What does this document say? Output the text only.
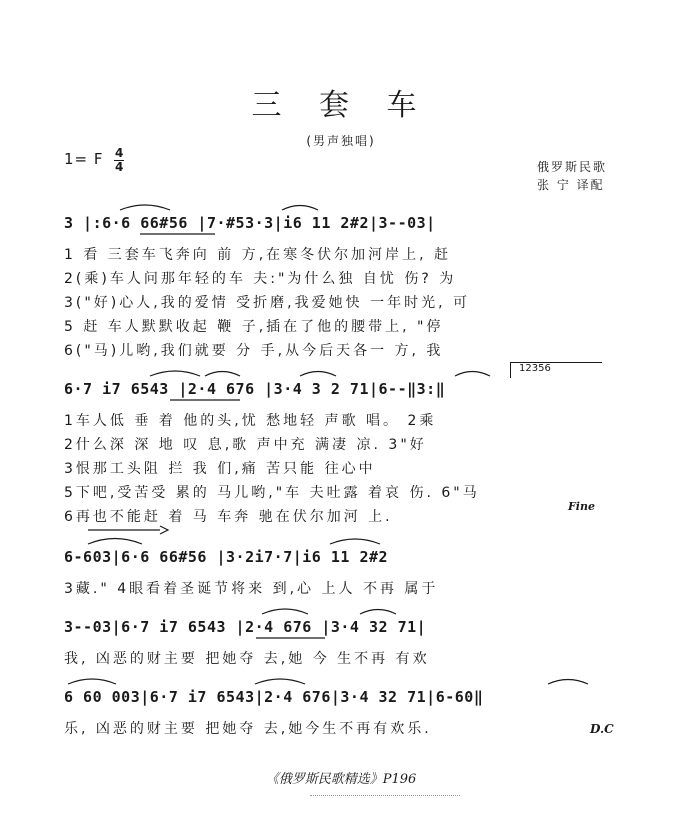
三 套 车
(男声独唱)
1= F 4
4	俄罗斯民歌
张 宁 译配
3 |:6·6 66#56 |7·#53·3|i6 11 2#2|3--03|
1 看 三套车飞奔向 前 方,在寒冬伏尔加河岸上, 赶
2(乘)车人问那年轻的车 夫:"为什么独 自忧 伤? 为
3("好)心人,我的爱情 受折磨,我爱她快 一年时光, 可
5 赶 车人默默收起 鞭 子,插在了他的腰带上, "停
6("马)儿哟,我们就要 分 手,从今后天各一 方, 我
12356
6·7 i7 6543 |2·4 676 |3·4 3 2 71|6--‖3:‖
1车人低 垂 着 他的头,忧 愁地轻 声歌 唱。 2乘
2什么深 深 地 叹 息,歌 声中充 满凄 凉. 3"好
3恨那工头阻 拦 我 们,痛 苦只能 往心中
5下吧,受苦受 累的 马儿哟,"车 夫吐露 着哀 伤. 6"马
6再也不能赶 着 马 车奔 驰在伏尔加河 上.
Fine
6-603|6·6 66#56 |3·2i7·7|i6 11 2#2
3藏." 4眼看着圣诞节将来 到,心 上人 不再 属于
3--03|6·7 i7 6543 |2·4 676 |3·4 32 71|
我, 凶恶的财主要 把她夺 去,她 今 生不再 有欢
6 60 003|6·7 i7 6543|2·4 676|3·4 32 71|6-60‖
乐, 凶恶的财主要 把她夺 去,她今生不再有欢乐.	D.C
《俄罗斯民歌精选》P196
